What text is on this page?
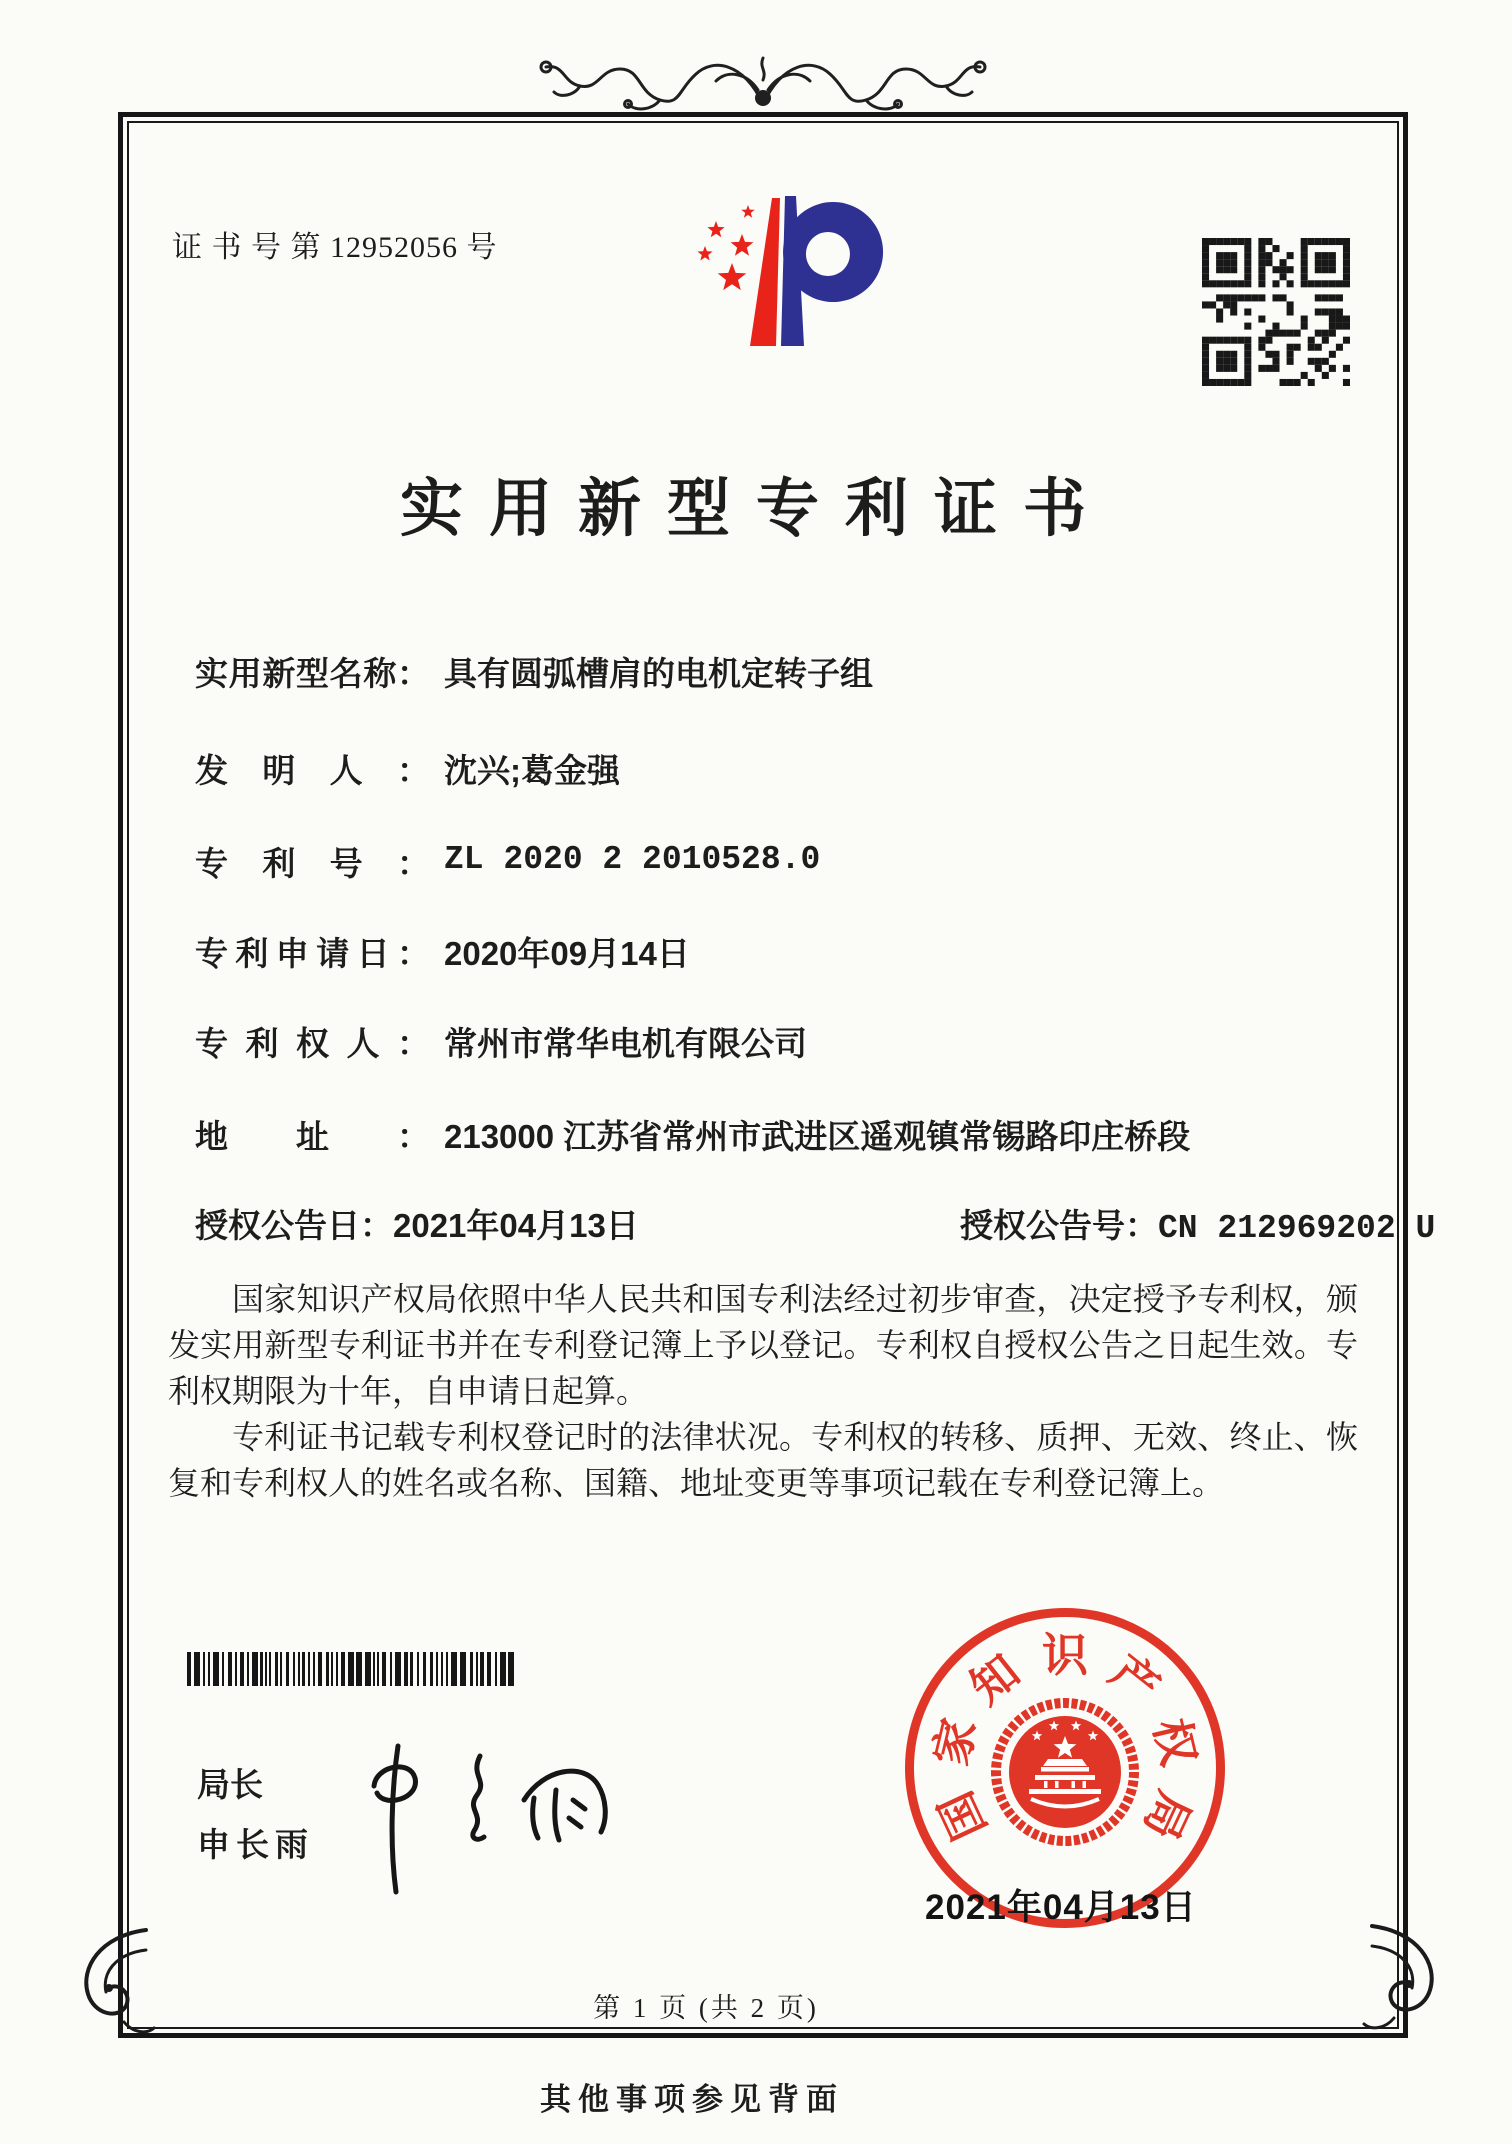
证 书 号 第 12952056 号
实用新型专利证书
实用新型名称： 具有圆弧槽肩的电机定转子组
发明人： 沈兴;葛金强
专利号： ZL 2020 2 2010528.0
专利申请日： 2020年09月14日
专利权人： 常州市常华电机有限公司
地址： 213000 江苏省常州市武进区遥观镇常锡路印庄桥段
授权公告日：2021年04月13日	授权公告号：CN 212969202 U

国家知识产权局依照中华人民共和国专利法经过初步审查，决定授予专利权，颁发实用新型专利证书并在专利登记簿上予以登记。专利权自授权公告之日起生效。专利权期限为十年，自申请日起算。

专利证书记载专利权登记时的法律状况。专利权的转移、质押、无效、终止、恢复和专利权人的姓名或名称、国籍、地址变更等事项记载在专利登记簿上。

局长
申长雨	国
家
知 识 产
权
局
2021年04月13日
第 1 页 (共 2 页)
其他事项参见背面
